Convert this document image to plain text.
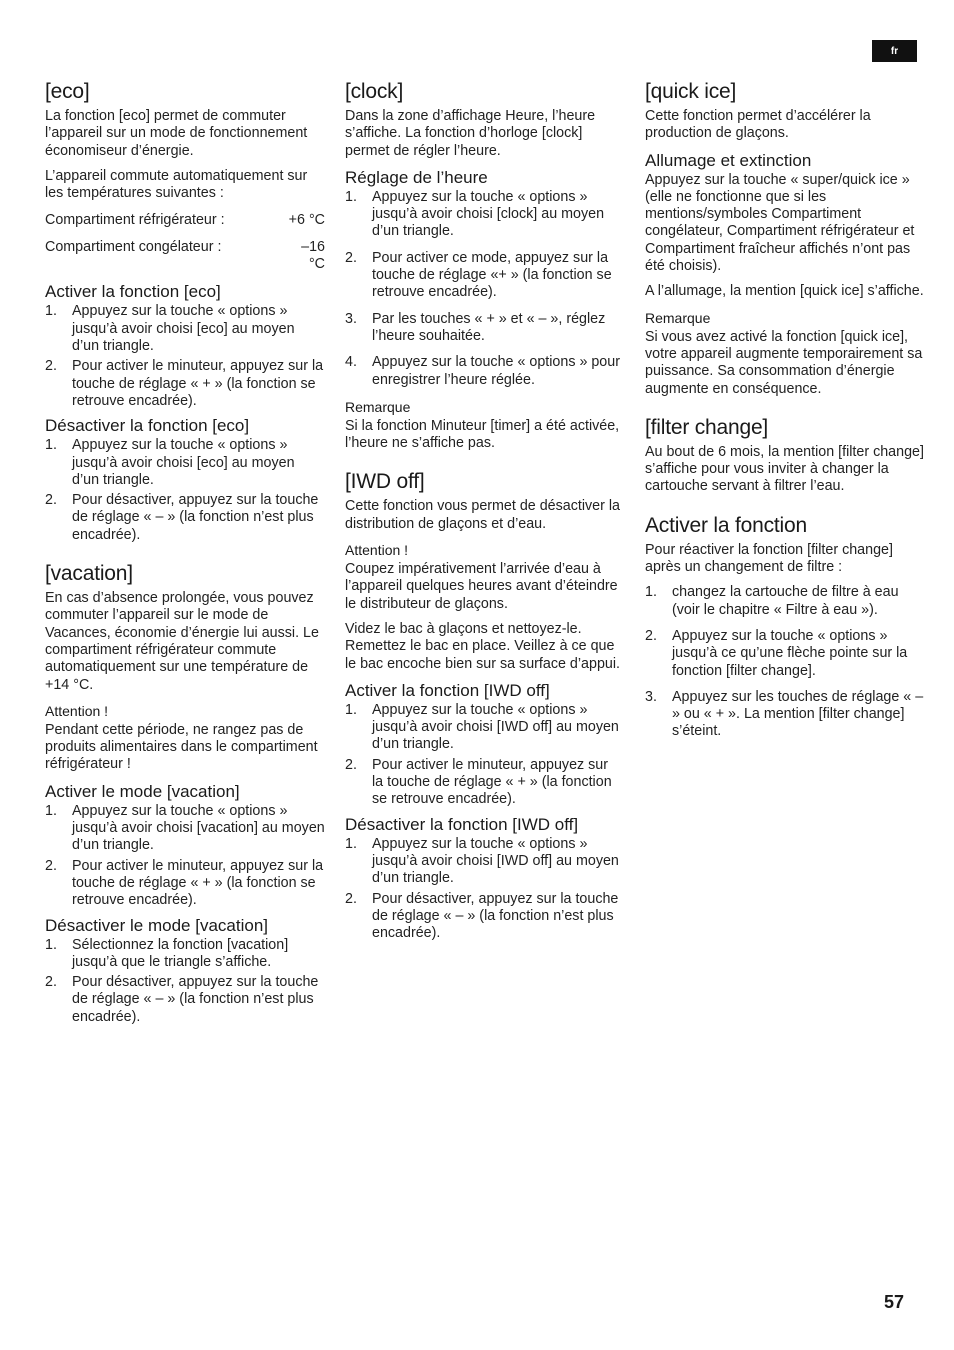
fr
[eco]

La fonction [eco] permet de commuter l’appareil sur un mode de fonctionnement économiseur d’énergie.

L’appareil commute automatiquement sur les températures suivantes :

Compartiment réfrigérateur :	+6 °C
Compartiment congélateur :	–16 °C
Activer la fonction [eco]
1. Appuyez sur la touche « options » jusqu’à avoir choisi [eco] au moyen d’un triangle.
2. Pour activer le minuteur, appuyez sur la touche de réglage « + » (la fonction se retrouve encadrée).
Désactiver la fonction [eco]
1. Appuyez sur la touche « options » jusqu’à avoir choisi [eco] au moyen d’un triangle.
2. Pour désactiver, appuyez sur la touche de réglage « – » (la fonction n’est plus encadrée).
[vacation]

En cas d’absence prolongée, vous pouvez commuter l’appareil sur le mode de Vacances, économie d’énergie lui aussi. Le compartiment réfrigérateur commute automatiquement sur une température de +14 °C.

Attention !

Pendant cette période, ne rangez pas de produits alimentaires dans le compartiment réfrigérateur !

Activer le mode [vacation]
1. Appuyez sur la touche « options » jusqu’à avoir choisi [vacation] au moyen d’un triangle.
2. Pour activer le minuteur, appuyez sur la touche de réglage « + » (la fonction se retrouve encadrée).
Désactiver le mode [vacation]
1. Sélectionnez la fonction [vacation] jusqu’à que le triangle s’affiche.
2. Pour désactiver, appuyez sur la touche de réglage « – » (la fonction n’est plus encadrée).
[clock]

Dans la zone d’affichage Heure, l’heure s’affiche. La fonction d’horloge [clock] permet de régler l’heure.

Réglage de l’heure
1. Appuyez sur la touche « options » jusqu’à avoir choisi [clock] au moyen d’un triangle.
2. Pour activer ce mode, appuyez sur la touche de réglage «+ » (la fonction se retrouve encadrée).
3. Par les touches « + » et « – », réglez l’heure souhaitée.
4. Appuyez sur la touche « options » pour enregistrer l’heure réglée.
Remarque

Si la fonction Minuteur [timer] a été activée, l’heure ne s’affiche pas.

[IWD off]

Cette fonction vous permet de désactiver la distribution de glaçons et d’eau.

Attention !

Coupez impérativement l’arrivée d’eau à l’appareil quelques heures avant d’éteindre le distributeur de glaçons.

Videz le bac à glaçons et nettoyez-le. Remettez le bac en place. Veillez à ce que le bac encoche bien sur sa surface d’appui.

Activer la fonction [IWD off]
1. Appuyez sur la touche « options » jusqu’à avoir choisi [IWD off] au moyen d’un triangle.
2. Pour activer le minuteur, appuyez sur la touche de réglage « + » (la fonction se retrouve encadrée).
Désactiver la fonction [IWD off]
1. Appuyez sur la touche « options » jusqu’à avoir choisi [IWD off] au moyen d’un triangle.
2. Pour désactiver, appuyez sur la touche de réglage « – » (la fonction n’est plus encadrée).
[quick ice]

Cette fonction permet d’accélérer la production de glaçons.

Allumage et extinction

Appuyez sur la touche « super/quick ice » (elle ne fonctionne que si les mentions/symboles Compartiment congélateur, Compartiment réfrigérateur et Compartiment fraîcheur affichés n’ont pas été choisis).

A l’allumage, la mention [quick ice] s’affiche.

Remarque

Si vous avez activé la fonction [quick ice], votre appareil augmente temporairement sa puissance. Sa consommation d’énergie augmente en conséquence.

[filter change]

Au bout de 6 mois, la mention [filter change] s’affiche pour vous inviter à changer la cartouche servant à filtrer l’eau.

Activer la fonction

Pour réactiver la fonction [filter change] après un changement de filtre :

1. changez la cartouche de filtre à eau (voir le chapitre « Filtre à eau »).
2. Appuyez sur la touche « options » jusqu’à ce qu’une flèche pointe sur la fonction [filter change].
3. Appuyez sur les touches de réglage « – » ou « + ». La mention [filter change] s’éteint.
57
